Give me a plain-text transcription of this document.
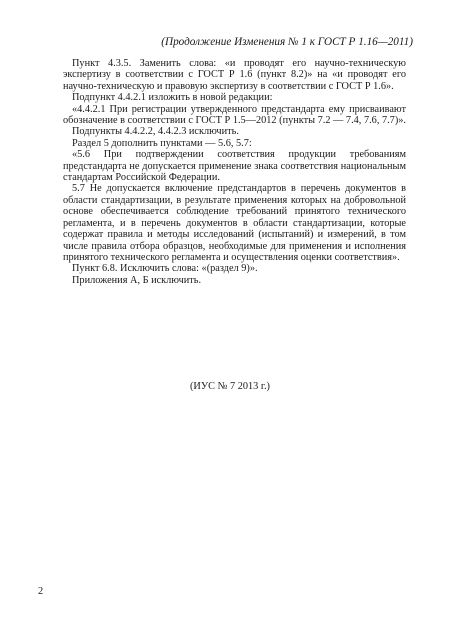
(Продолжение Изменения № 1 к ГОСТ Р 1.16—2011)

Пункт 4.3.5. Заменить слова: «и проводят его научно-техническую экспертизу в соответствии с ГОСТ Р 1.6 (пункт 8.2)» на «и проводят его научно-техническую и правовую экспертизу в соответствии с ГОСТ Р 1.6».

Подпункт 4.4.2.1 изложить в новой редакции:

«4.4.2.1 При регистрации утвержденного предстандарта ему присваивают обозначение в соответствии с ГОСТ Р 1.5—2012 (пункты 7.2 — 7.4, 7.6, 7.7)».

Подпункты 4.4.2.2, 4.4.2.3 исключить.

Раздел 5 дополнить пунктами — 5.6, 5.7:

«5.6 При подтверждении соответствия продукции требованиям предстандарта не допускается применение знака соответствия национальным стандартам Российской Федерации.

5.7 Не допускается включение предстандартов в перечень документов в области стандартизации, в результате применения которых на добровольной основе обеспечивается соблюдение требований принятого технического регламента, и в перечень документов в области стандартизации, которые содержат правила и методы исследований (испытаний) и измерений, в том числе правила отбора образцов, необходимые для применения и исполнения принятого технического регламента и осуществления оценки соответствия».

Пункт 6.8. Исключить слова: «(раздел 9)».

Приложения А, Б исключить.

(ИУС № 7 2013 г.)
2
